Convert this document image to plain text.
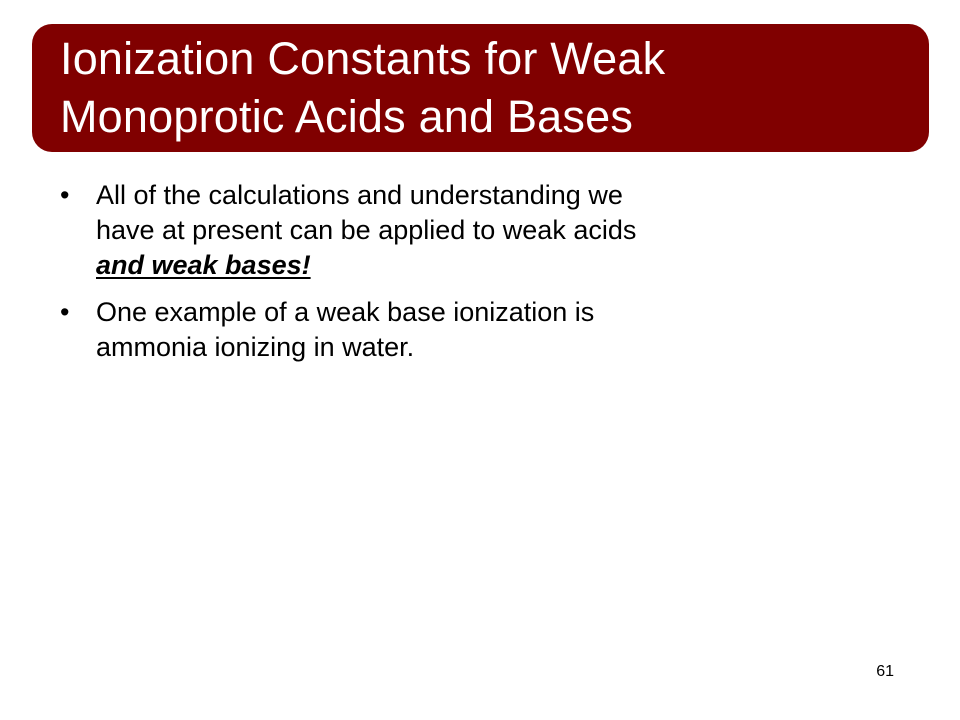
Ionization Constants for Weak
Monoprotic Acids and Bases
• All of the calculations and understanding we
have at present can be applied to weak acids
and weak bases!
• One example of a weak base ionization is
ammonia ionizing in water.
61
